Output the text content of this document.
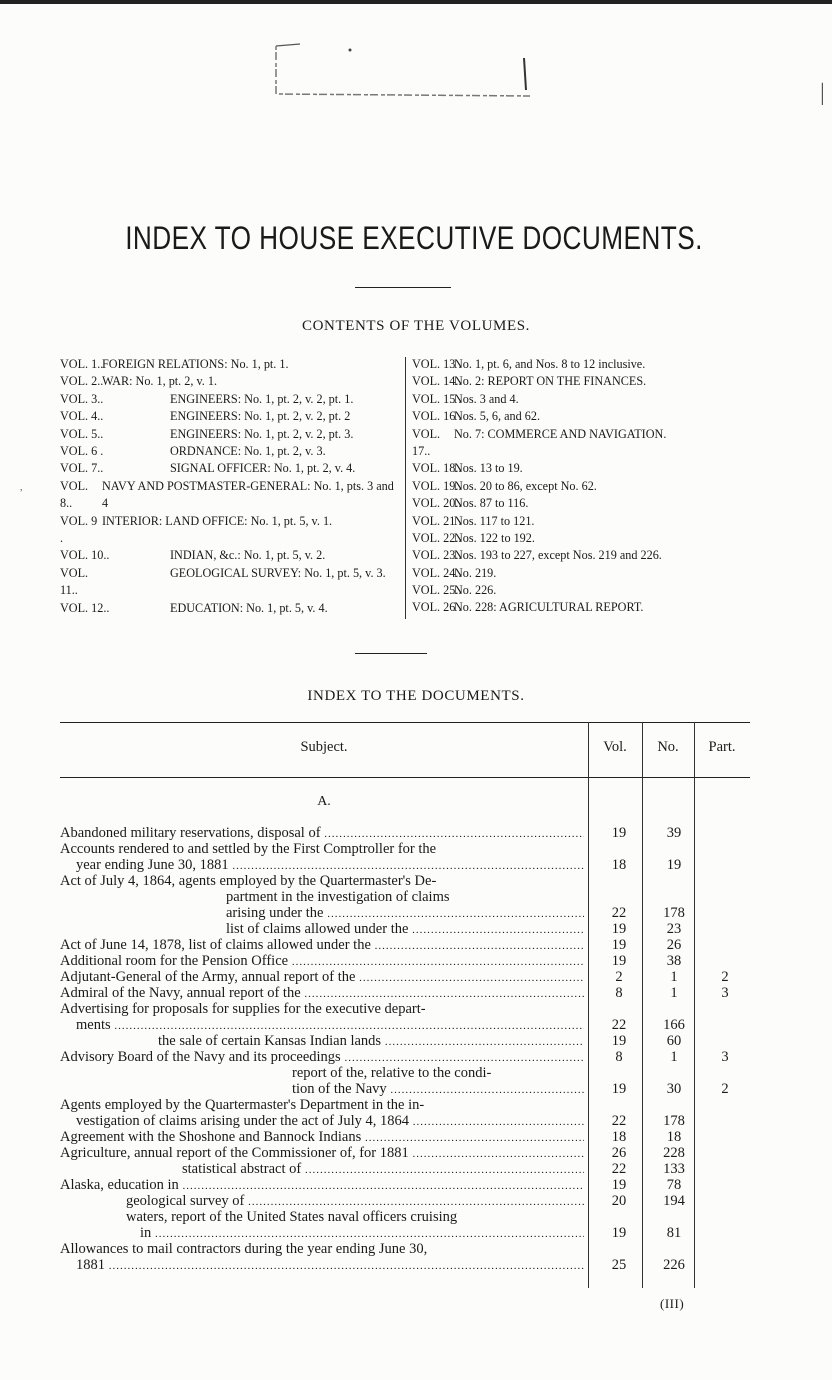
INDEX TO HOUSE EXECUTIVE DOCUMENTS.
CONTENTS OF THE VOLUMES.
VOL. 1..FOREIGN RELATIONS: No. 1, pt. 1.
VOL. 2..WAR: No. 1, pt. 2, v. 1.
VOL. 3..	ENGINEERS: No. 1, pt. 2, v. 2, pt. 1.
VOL. 4..	ENGINEERS: No. 1, pt. 2, v. 2, pt. 2
VOL. 5..	ENGINEERS: No. 1, pt. 2, v. 2, pt. 3.
VOL. 6 .	ORDNANCE: No. 1, pt. 2, v. 3.
VOL. 7..	SIGNAL OFFICER: No. 1, pt. 2, v. 4.
VOL. 8..NAVY AND POSTMASTER-GENERAL: No. 1, pts. 3 and 4
VOL. 9 .INTERIOR: LAND OFFICE: No. 1, pt. 5, v. 1.
VOL. 10..	INDIAN, &c.: No. 1, pt. 5, v. 2.
VOL. 11..GEOLOGICAL SURVEY: No. 1, pt. 5, v. 3.
VOL. 12..	EDUCATION: No. 1, pt. 5, v. 4.
VOL. 13 .No. 1, pt. 6, and Nos. 8 to 12 inclusive.
VOL. 14..No. 2: REPORT ON THE FINANCES.
VOL. 15 .Nos. 3 and 4.
VOL. 16 .Nos. 5, 6, and 62.
VOL. 17..No. 7: COMMERCE AND NAVIGATION.
VOL. 18..Nos. 13 to 19.
VOL. 19..Nos. 20 to 86, except No. 62.
VOL. 20..Nos. 87 to 116.
VOL. 21 .Nos. 117 to 121.
VOL. 22..Nos. 122 to 192.
VOL. 23..Nos. 193 to 227, except Nos. 219 and 226.
VOL. 24..No. 219.
VOL. 25..No. 226.
VOL. 26 .No. 228: AGRICULTURAL REPORT.
INDEX TO THE DOCUMENTS.
Subject.	Vol.	No.	Part.
A.
Abandoned military reservations, disposal of .....	19	39
Accounts rendered to and settled by the First Comptroller for the
year ending June 30, 1881 .....	18	19
Act of July 4, 1864, agents employed by the Quartermaster's De-
partment in the investigation of claims
arising under the .....	22	178
list of claims allowed under the .....	19	23
Act of June 14, 1878, list of claims allowed under the .....	19	26
Additional room for the Pension Office .....	19	38
Adjutant-General of the Army, annual report of the .....	2	1	2
Admiral of the Navy, annual report of the .....	8	1	3
Advertising for proposals for supplies for the executive depart-
ments .....	22	166
the sale of certain Kansas Indian lands .....	19	60
Advisory Board of the Navy and its proceedings .....	8	1	3
report of the, relative to the condi-
tion of the Navy .....	19	30	2
Agents employed by the Quartermaster's Department in the in-
vestigation of claims arising under the act of July 4, 1864 .....	22	178
Agreement with the Shoshone and Bannock Indians .....	18	18
Agriculture, annual report of the Commissioner of, for 1881 .....	26	228
statistical abstract of .....	22	133
Alaska, education in .....	19	78
geological survey of .....	20	194
waters, report of the United States naval officers cruising
in .....	19	81
Allowances to mail contractors during the year ending June 30,
1881 .....	25	226
(III)
,
|
